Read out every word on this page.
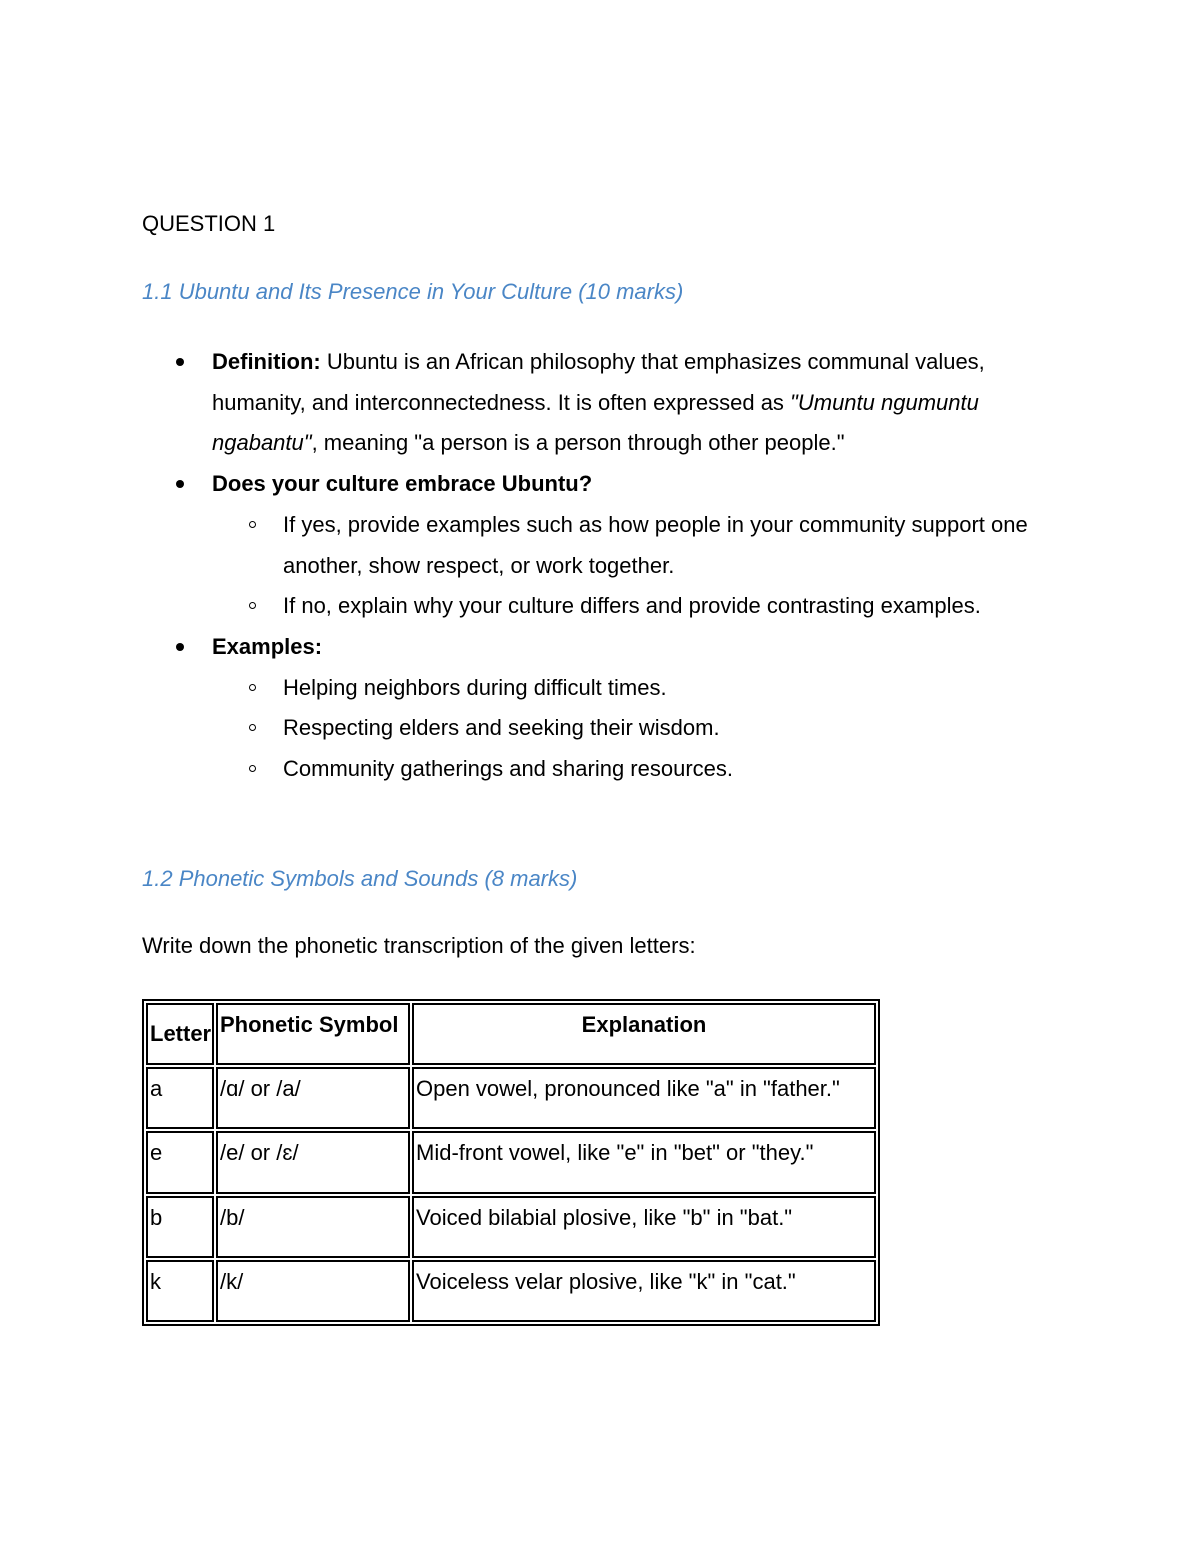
QUESTION 1
1.1 Ubuntu and Its Presence in Your Culture (10 marks)
Definition: Ubuntu is an African philosophy that emphasizes communal values, humanity, and interconnectedness. It is often expressed as "Umuntu ngumuntu ngabantu", meaning "a person is a person through other people."
Does your culture embrace Ubuntu?
If yes, provide examples such as how people in your community support one another, show respect, or work together.
If no, explain why your culture differs and provide contrasting examples.
Examples:
Helping neighbors during difficult times.
Respecting elders and seeking their wisdom.
Community gatherings and sharing resources.
1.2 Phonetic Symbols and Sounds (8 marks)
Write down the phonetic transcription of the given letters:
Letter	Phonetic Symbol	Explanation
a	/ɑ/ or /a/	Open vowel, pronounced like "a" in "father."
e	/e/ or /ɛ/	Mid-front vowel, like "e" in "bet" or "they."
b	/b/	Voiced bilabial plosive, like "b" in "bat."
k	/k/	Voiceless velar plosive, like "k" in "cat."
